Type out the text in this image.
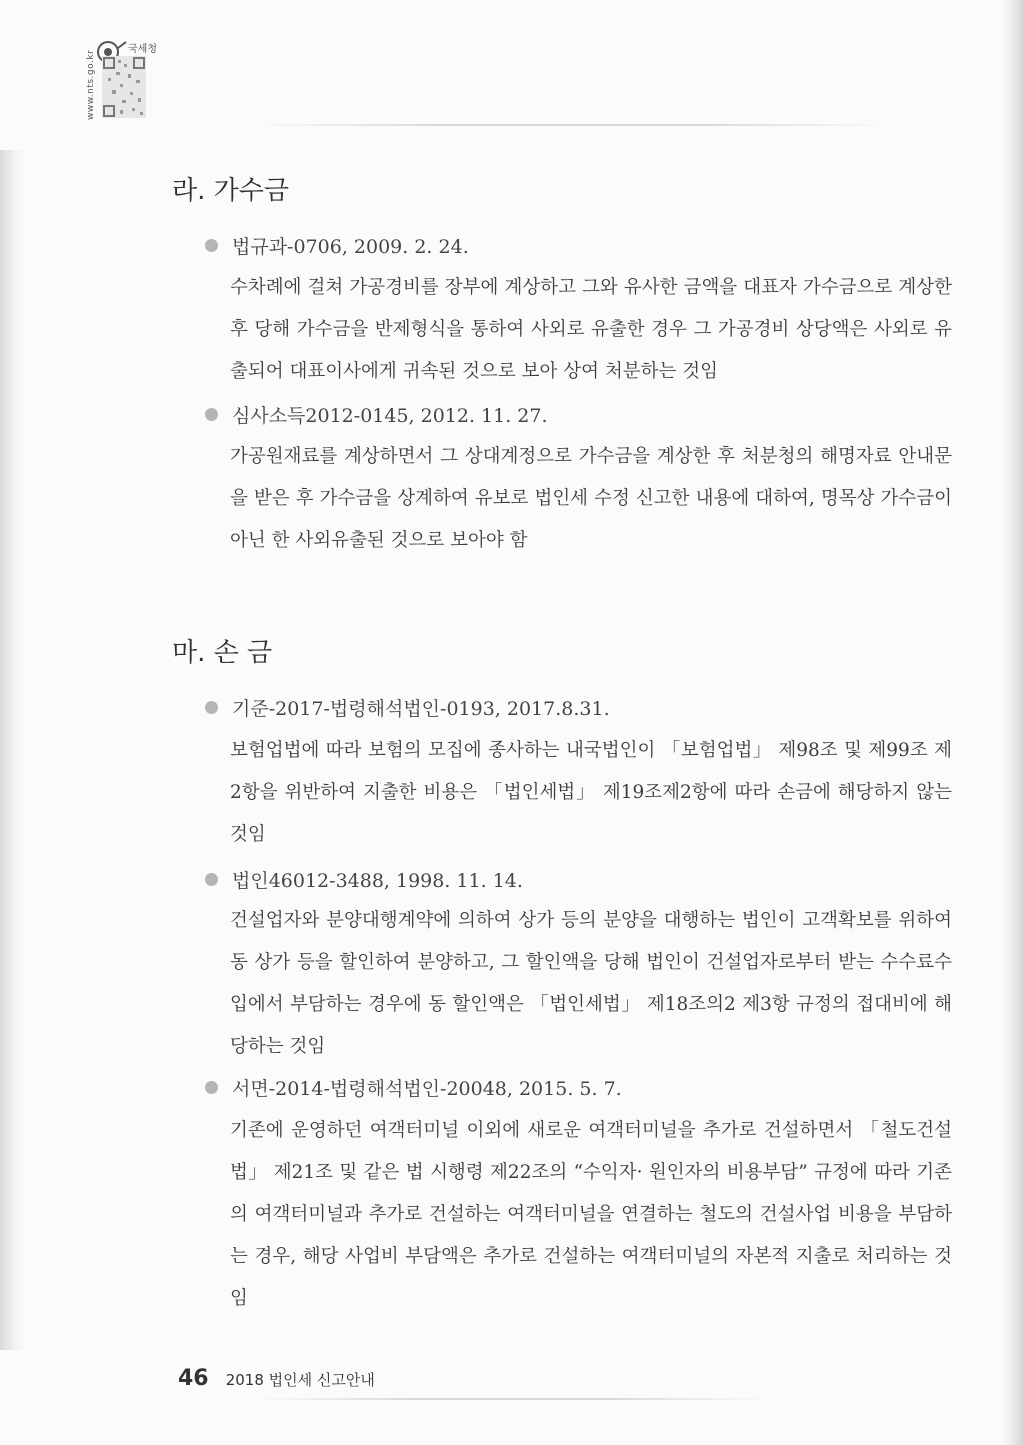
국세청
www.nts.go.kr
라. 가수금
법규과-0706, 2009. 2. 24.

수차례에 걸쳐 가공경비를 장부에 계상하고 그와 유사한 금액을 대표자 가수금으로 계상한 후 당해 가수금을 반제형식을 통하여 사외로 유출한 경우 그 가공경비 상당액은 사외로 유출되어 대표이사에게 귀속된 것으로 보아 상여 처분하는 것임

심사소득2012-0145, 2012. 11. 27.

가공원재료를 계상하면서 그 상대계정으로 가수금을 계상한 후 처분청의 해명자료 안내문을 받은 후 가수금을 상계하여 유보로 법인세 수정 신고한 내용에 대하여, 명목상 가수금이 아닌 한 사외유출된 것으로 보아야 함

마. 손 금
기준-2017-법령해석법인-0193, 2017.8.31.

보험업법에 따라 보험의 모집에 종사하는 내국법인이 「보험업법」 제98조 및 제99조 제2항을 위반하여 지출한 비용은 「법인세법」 제19조제2항에 따라 손금에 해당하지 않는 것임

법인46012-3488, 1998. 11. 14.

건설업자와 분양대행계약에 의하여 상가 등의 분양을 대행하는 법인이 고객확보를 위하여 동 상가 등을 할인하여 분양하고, 그 할인액을 당해 법인이 건설업자로부터 받는 수수료수입에서 부담하는 경우에 동 할인액은 「법인세법」 제18조의2 제3항 규정의 접대비에 해당하는 것임

서면-2014-법령해석법인-20048, 2015. 5. 7.

기존에 운영하던 여객터미널 이외에 새로운 여객터미널을 추가로 건설하면서 「철도건설법」 제21조 및 같은 법 시행령 제22조의 “수익자· 원인자의 비용부담” 규정에 따라 기존의 여객터미널과 추가로 건설하는 여객터미널을 연결하는 철도의 건설사업 비용을 부담하는 경우, 해당 사업비 부담액은 추가로 건설하는 여객터미널의 자본적 지출로 처리하는 것임

46 2018 법인세 신고안내
